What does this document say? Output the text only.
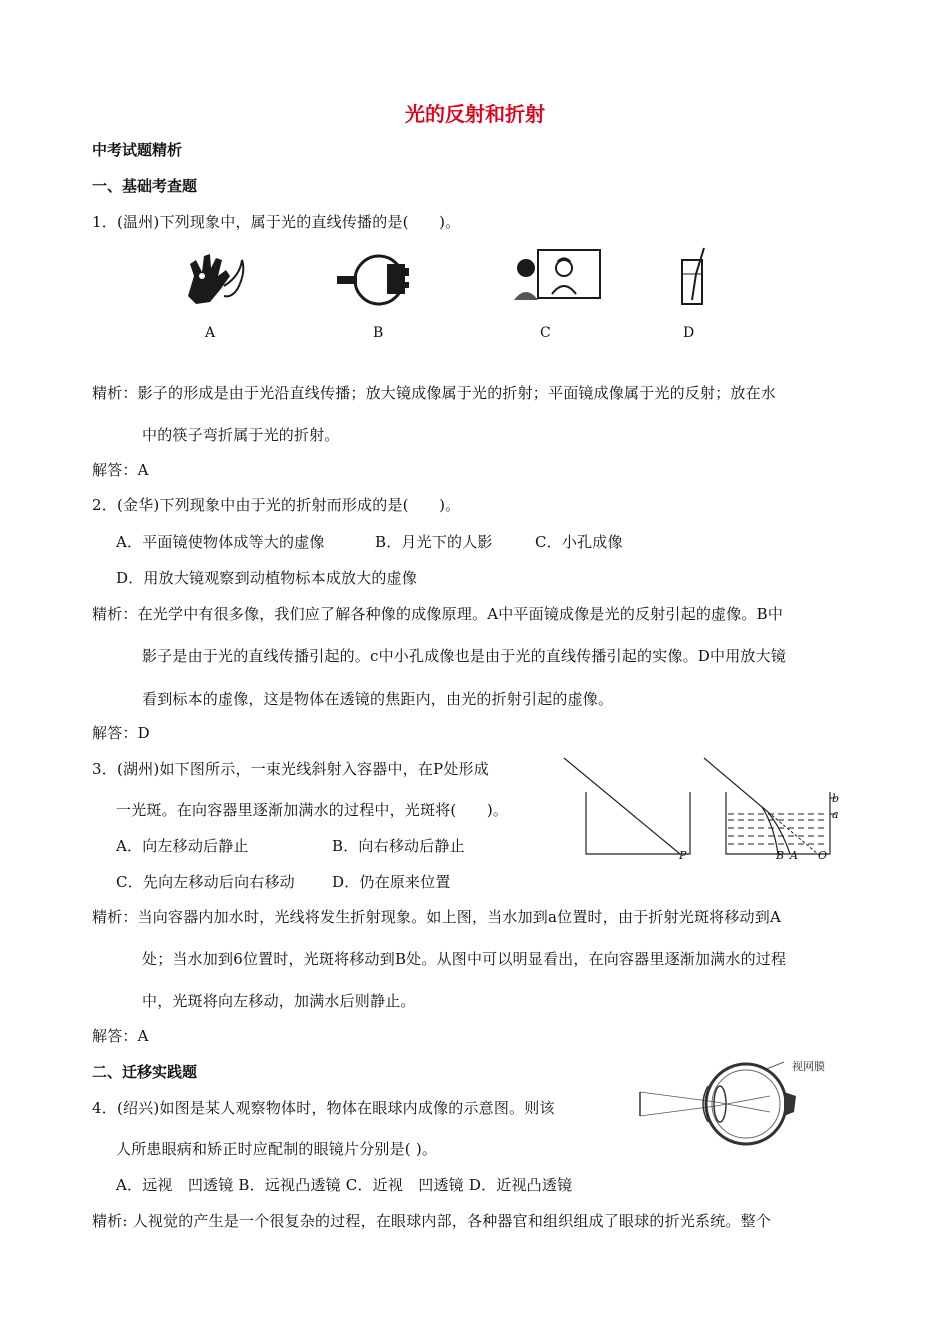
光的反射和折射
中考试题精析
一、基础考查题
1．(温州)下列现象中，属于光的直线传播的是(　　)。
A	B	C	D
精析：影子的形成是由于光沿直线传播；放大镜成像属于光的折射；平面镜成像属于光的反射；放在水
中的筷子弯折属于光的折射。
解答：A
2．(金华)下列现象中由于光的折射而形成的是(　　)。
A．平面镜使物体成等大的虚像	B．月光下的人影	C．小孔成像
D．用放大镜观察到动植物标本成放大的虚像
精析：在光学中有很多像，我们应了解各种像的成像原理。A中平面镜成像是光的反射引起的虚像。B中
影子是由于光的直线传播引起的。c中小孔成像也是由于光的直线传播引起的实像。D中用放大镜
看到标本的虚像，这是物体在透镜的焦距内，由光的折射引起的虚像。
解答：D
3．(湖州)如下图所示，一束光线斜射入容器中，在P处形成
一光斑。在向容器里逐渐加满水的过程中，光斑将(　　)。
A．向左移动后静止	B．向右移动后静止
C．先向左移动后向右移动 D．仍在原来位置
P
b
a
B A O
精析：当向容器内加水时，光线将发生折射现象。如上图，当水加到a位置时，由于折射光斑将移动到A
处；当水加到6位置时，光斑将移动到B处。从图中可以明显看出，在向容器里逐渐加满水的过程
中，光斑将向左移动，加满水后则静止。
解答：A
二、迁移实践题
4．(绍兴)如图是某人观察物体时，物体在眼球内成像的示意图。则该
人所患眼病和矫正时应配制的眼镜片分别是( )。
A．远视　凹透镜 B．远视凸透镜 C．近视　凹透镜 D．近视凸透镜
视网膜
精析: 人视觉的产生是一个很复杂的过程，在眼球内部，各种器官和组织组成了眼球的折光系统。整个
